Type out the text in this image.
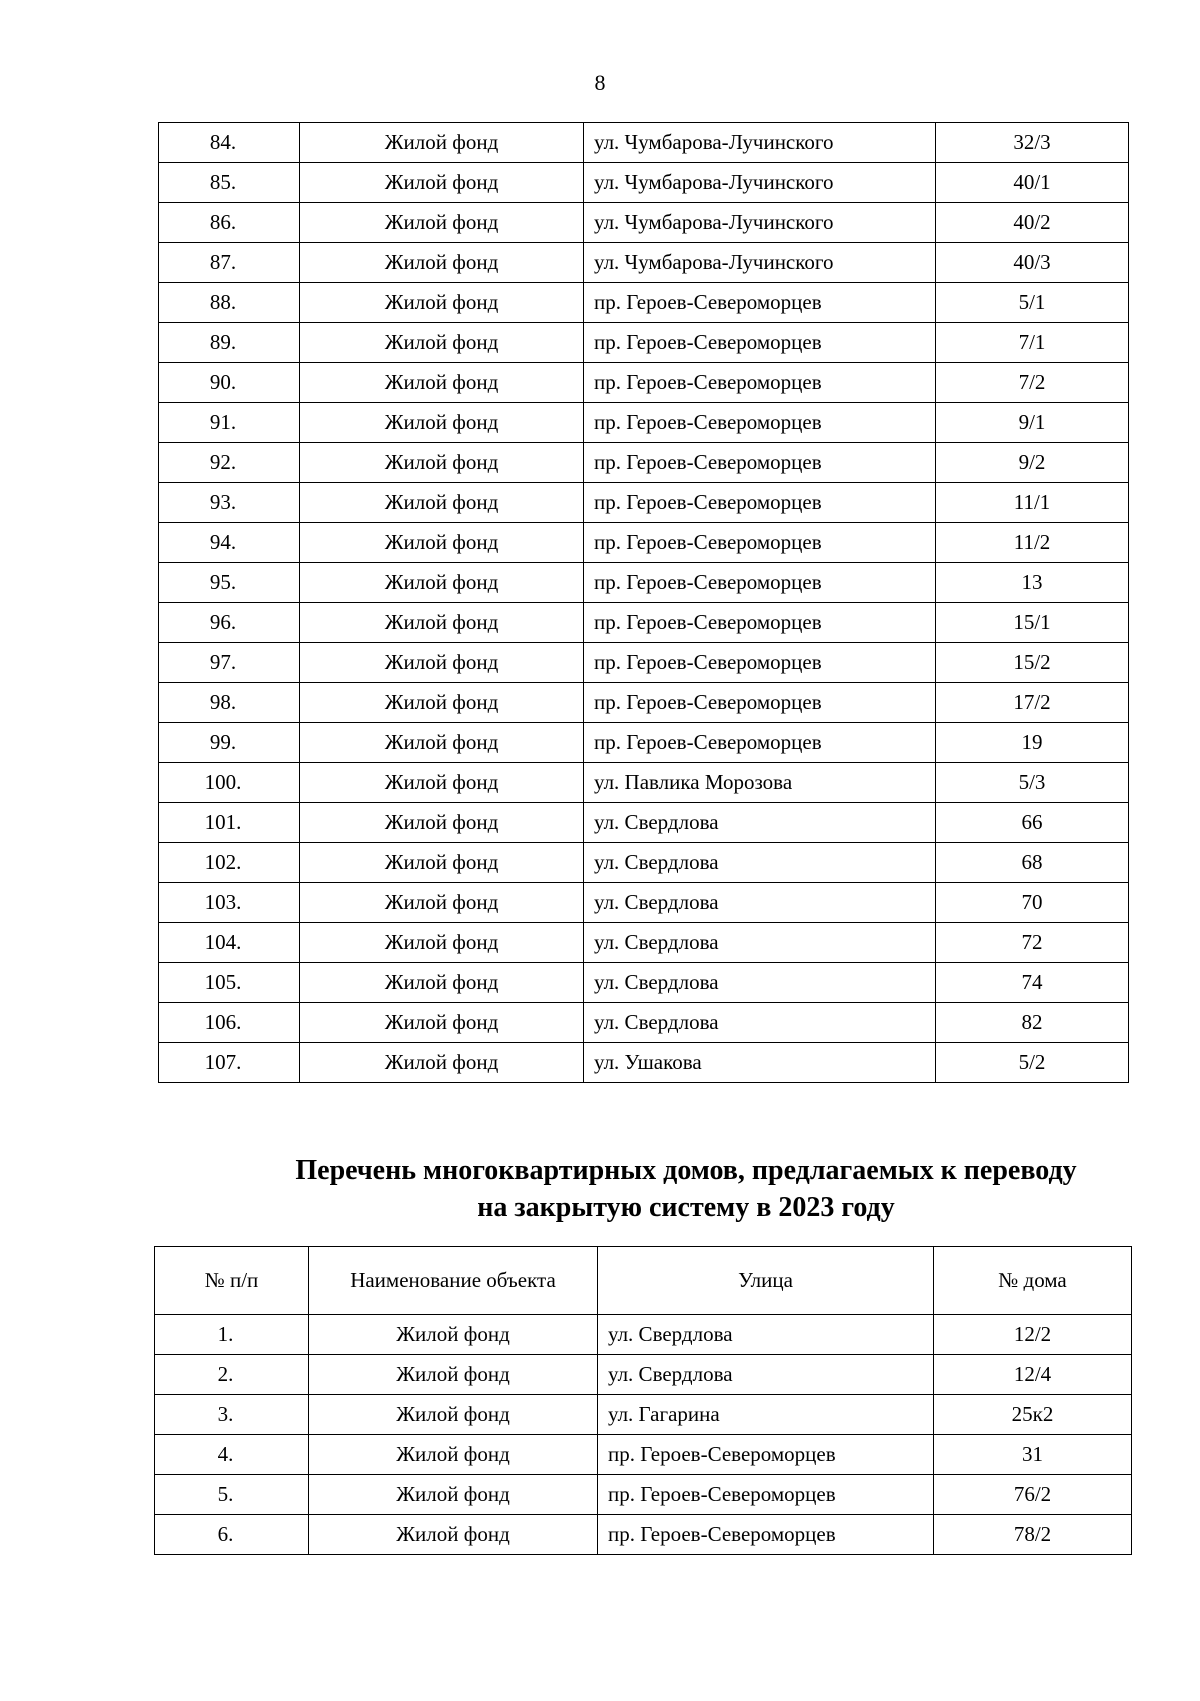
8
84.	Жилой фонд	ул. Чумбарова-Лучинского	32/3
85.	Жилой фонд	ул. Чумбарова-Лучинского	40/1
86.	Жилой фонд	ул. Чумбарова-Лучинского	40/2
87.	Жилой фонд	ул. Чумбарова-Лучинского	40/3
88.	Жилой фонд	пр. Героев-Североморцев	5/1
89.	Жилой фонд	пр. Героев-Североморцев	7/1
90.	Жилой фонд	пр. Героев-Североморцев	7/2
91.	Жилой фонд	пр. Героев-Североморцев	9/1
92.	Жилой фонд	пр. Героев-Североморцев	9/2
93.	Жилой фонд	пр. Героев-Североморцев	11/1
94.	Жилой фонд	пр. Героев-Североморцев	11/2
95.	Жилой фонд	пр. Героев-Североморцев	13
96.	Жилой фонд	пр. Героев-Североморцев	15/1
97.	Жилой фонд	пр. Героев-Североморцев	15/2
98.	Жилой фонд	пр. Героев-Североморцев	17/2
99.	Жилой фонд	пр. Героев-Североморцев	19
100.	Жилой фонд	ул. Павлика Морозова	5/3
101.	Жилой фонд	ул. Свердлова	66
102.	Жилой фонд	ул. Свердлова	68
103.	Жилой фонд	ул. Свердлова	70
104.	Жилой фонд	ул. Свердлова	72
105.	Жилой фонд	ул. Свердлова	74
106.	Жилой фонд	ул. Свердлова	82
107.	Жилой фонд	ул. Ушакова	5/2
Перечень многоквартирных домов, предлагаемых к переводу
на закрытую систему в 2023 году
№ п/п	Наименование объекта	Улица	№ дома
1.	Жилой фонд	ул. Свердлова	12/2
2.	Жилой фонд	ул. Свердлова	12/4
3.	Жилой фонд	ул. Гагарина	25к2
4.	Жилой фонд	пр. Героев-Североморцев	31
5.	Жилой фонд	пр. Героев-Североморцев	76/2
6.	Жилой фонд	пр. Героев-Североморцев	78/2
